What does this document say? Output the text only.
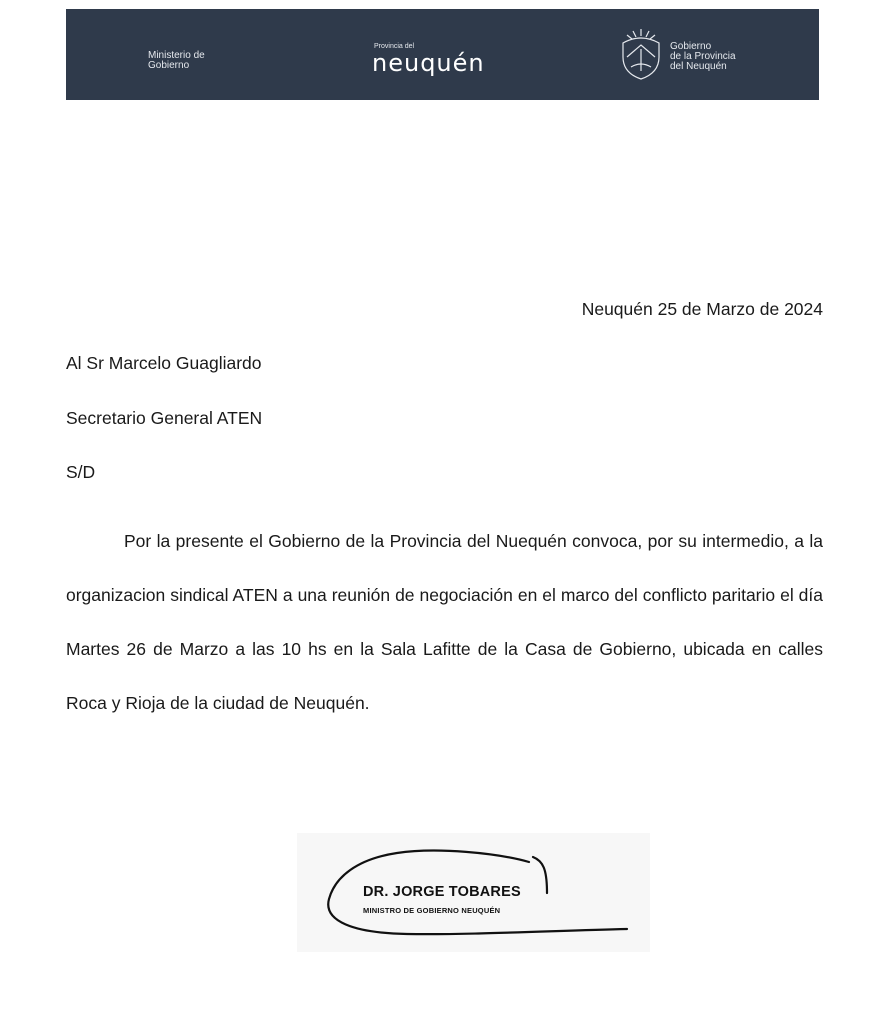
Ministerio de
Gobierno
Provincia del
neuquén
Gobierno
de la Provincia
del Neuquén
Neuquén 25 de Marzo de 2024
Al Sr Marcelo Guagliardo
Secretario General ATEN
S/D
Por la presente el Gobierno de la Provincia del Nuequén convoca, por su intermedio, a la organizacion sindical ATEN a una reunión de negociación en el marco del conflicto paritario el día Martes 26 de Marzo a las 10 hs en la Sala Lafitte de la Casa de Gobierno, ubicada en calles Roca y Rioja de la ciudad de Neuquén.
DR. JORGE TOBARES
MINISTRO DE GOBIERNO NEUQUÉN
